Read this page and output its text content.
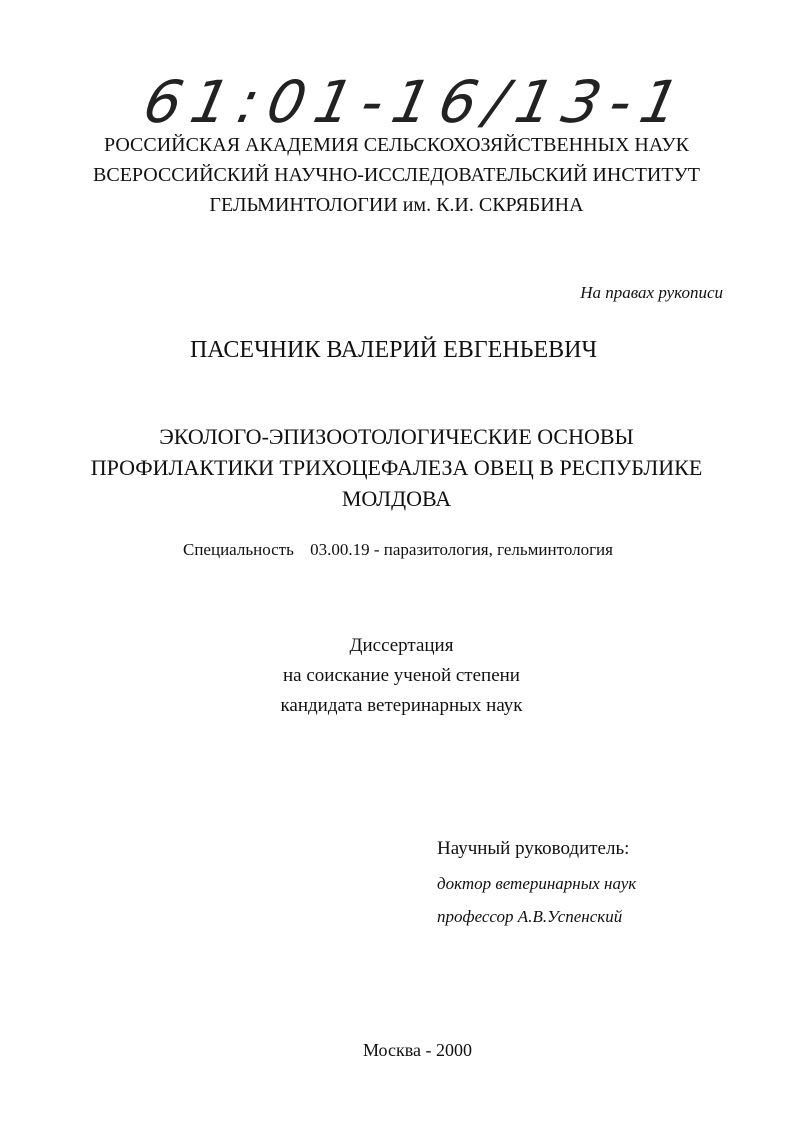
61:01-16/13-1
РОССИЙСКАЯ АКАДЕМИЯ СЕЛЬСКОХОЗЯЙСТВЕННЫХ НАУК
ВСЕРОССИЙСКИЙ НАУЧНО-ИССЛЕДОВАТЕЛЬСКИЙ ИНСТИТУТ
ГЕЛЬМИНТОЛОГИИ им. К.И. СКРЯБИНА
На правах рукописи
ПАСЕЧНИК ВАЛЕРИЙ ЕВГЕНЬЕВИЧ
ЭКОЛОГО-ЭПИЗООТОЛОГИЧЕСКИЕ ОСНОВЫ
ПРОФИЛАКТИКИ ТРИХОЦЕФАЛЕЗА ОВЕЦ В РЕСПУБЛИКЕ
МОЛДОВА
Специальность 03.00.19 - паразитология, гельминтология
Диссертация
на соискание ученой степени
кандидата ветеринарных наук
Научный руководитель:
доктор ветеринарных наук
профессор А.В.Успенский
Москва - 2000
